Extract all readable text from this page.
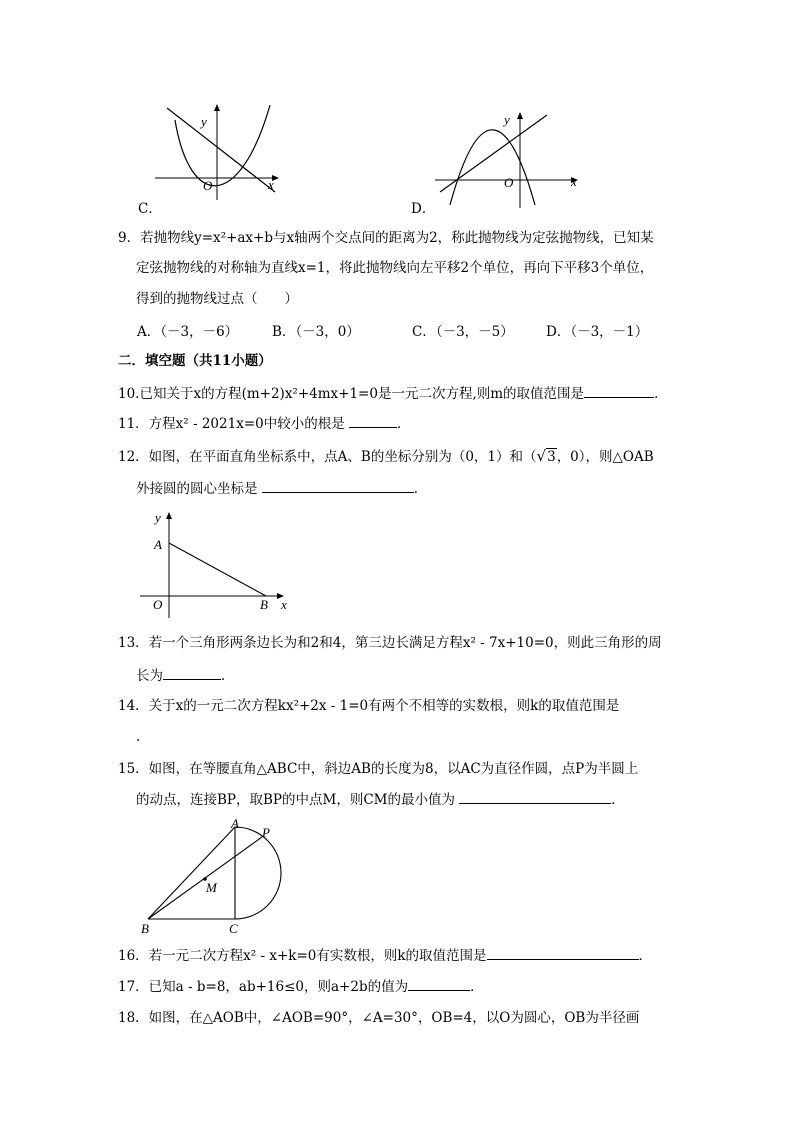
y
x
O
C．
y
x
O
D．
9．若抛物线y=x²+ax+b与x轴两个交点间的距离为2，称此抛物线为定弦抛物线，已知某
定弦抛物线的对称轴为直线x=1，将此抛物线向左平移2个单位，再向下平移3个单位，
得到的抛物线过点（　　）
A．（－3，－6）	B．（－3，0）	C．（－3，－5） D．（－3，－1）
二．填空题（共11小题）
10.已知关于x的方程(m+2)x²+4mx+1=0是一元二次方程,则m的取值范围是	．
11．方程x² - 2021x=0中较小的根是	．
12．如图，在平面直角坐标系中，点A、B的坐标分别为（0，1）和（√3，0），则△OAB
外接圆的圆心坐标是	．
y
A
O	B x
13．若一个三角形两条边长为和2和4，第三边长满足方程x² - 7x+10=0，则此三角形的周
长为	．
14．关于x的一元二次方程kx²+2x - 1=0有两个不相等的实数根，则k的取值范围是
.
15．如图，在等腰直角△ABC中，斜边AB的长度为8，以AC为直径作圆，点P为半圆上
的动点，连接BP，取BP的中点M，则CM的最小值为	．
A
P
M
B	C
16．若一元二次方程x² - x+k=0有实数根，则k的取值范围是	．
17．已知a - b=8，ab+16≤0，则a+2b的值为	．
18．如图，在△AOB中，∠AOB=90°，∠A=30°，OB=4，以O为圆心，OB为半径画
